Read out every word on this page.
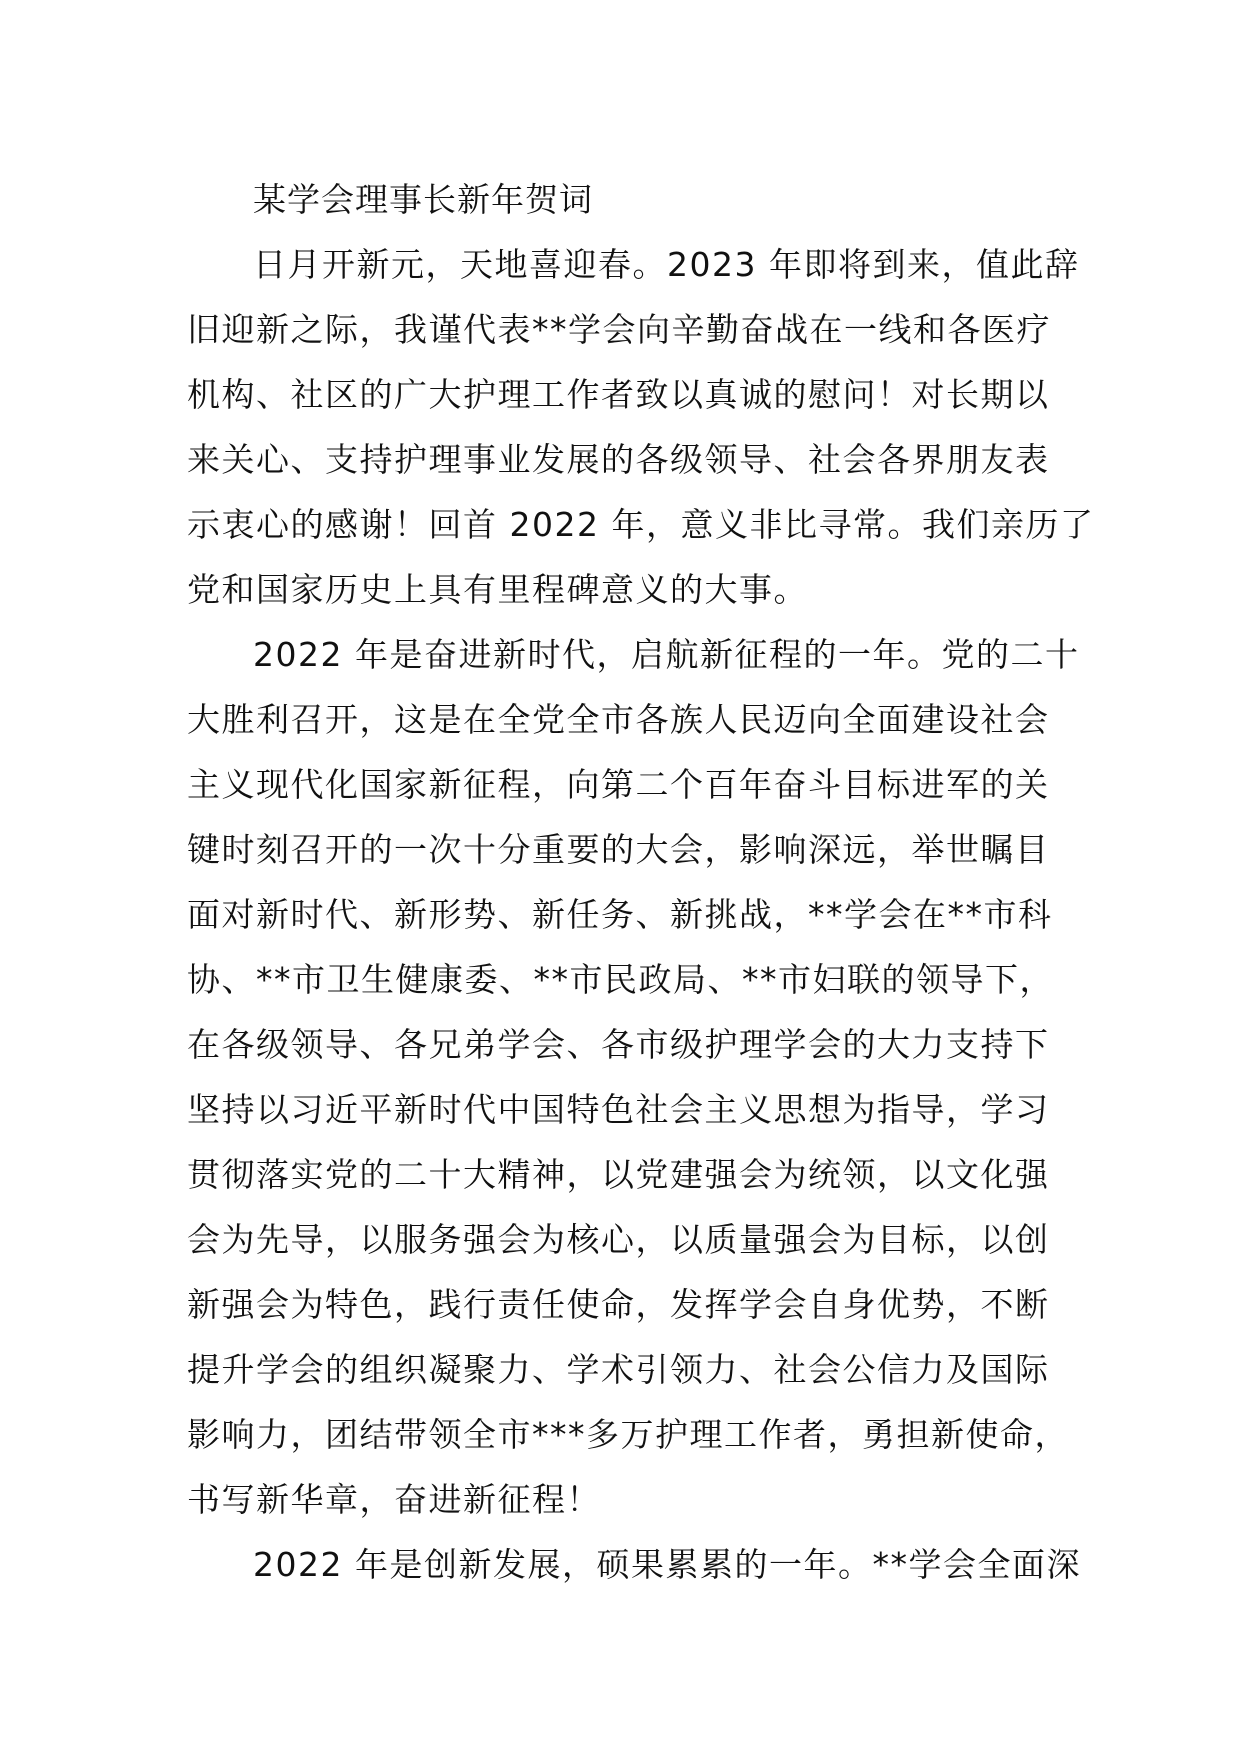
某学会理事长新年贺词

日月开新元，天地喜迎春。2023 年即将到来，值此辞
旧迎新之际，我谨代表**学会向辛勤奋战在一线和各医疗
机构、社区的广大护理工作者致以真诚的慰问！对长期以
来关心、支持护理事业发展的各级领导、社会各界朋友表
示衷心的感谢！回首 2022 年，意义非比寻常。我们亲历了
党和国家历史上具有里程碑意义的大事。

2022 年是奋进新时代，启航新征程的一年。党的二十
大胜利召开，这是在全党全市各族人民迈向全面建设社会
主义现代化国家新征程，向第二个百年奋斗目标进军的关
键时刻召开的一次十分重要的大会，影响深远，举世瞩目
面对新时代、新形势、新任务、新挑战，**学会在**市科
协、**市卫生健康委、**市民政局、**市妇联的领导下，
在各级领导、各兄弟学会、各市级护理学会的大力支持下
坚持以习近平新时代中国特色社会主义思想为指导，学习
贯彻落实党的二十大精神，以党建强会为统领，以文化强
会为先导，以服务强会为核心，以质量强会为目标，以创
新强会为特色，践行责任使命，发挥学会自身优势，不断
提升学会的组织凝聚力、学术引领力、社会公信力及国际
影响力，团结带领全市***多万护理工作者，勇担新使命，
书写新华章，奋进新征程！

2022 年是创新发展，硕果累累的一年。**学会全面深
